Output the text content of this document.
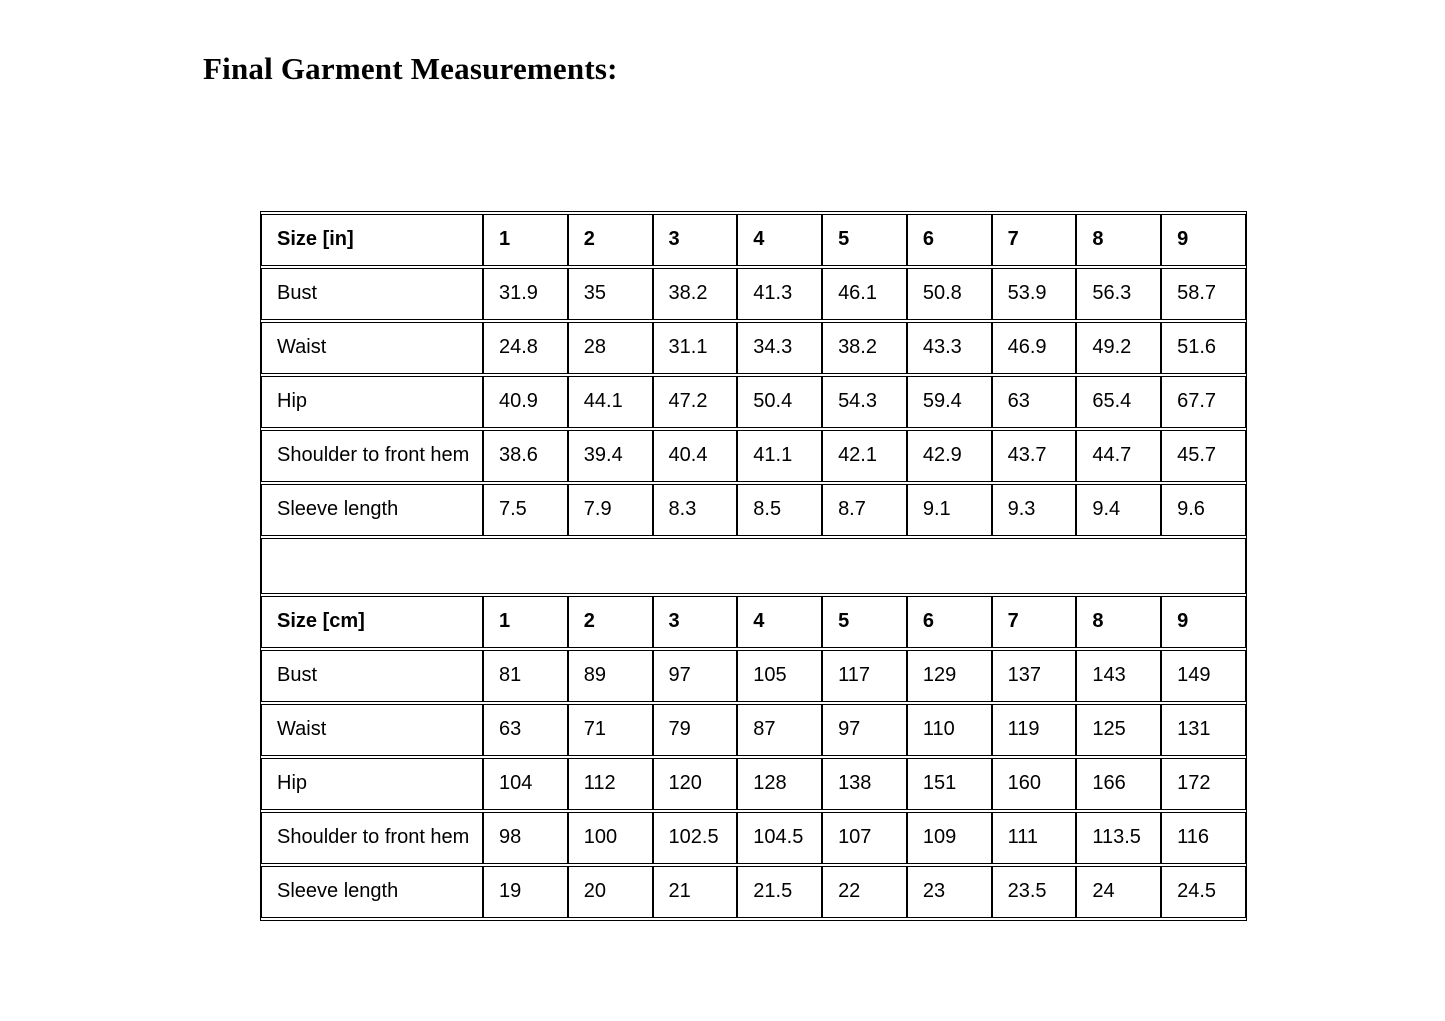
Final Garment Measurements:
Size [in]	1	2	3	4	5	6	7	8	9
Bust	31.9	35	38.2	41.3	46.1	50.8	53.9	56.3	58.7
Waist	24.8	28	31.1	34.3	38.2	43.3	46.9	49.2	51.6
Hip	40.9	44.1	47.2	50.4	54.3	59.4	63	65.4	67.7
Shoulder to front hem	38.6	39.4	40.4	41.1	42.1	42.9	43.7	44.7	45.7
Sleeve length	7.5	7.9	8.3	8.5	8.7	9.1	9.3	9.4	9.6

Size [cm]	1	2	3	4	5	6	7	8	9
Bust	81	89	97	105	117	129	137	143	149
Waist	63	71	79	87	97	110	119	125	131
Hip	104	112	120	128	138	151	160	166	172
Shoulder to front hem	98	100	102.5	104.5	107	109	111	113.5	116
Sleeve length	19	20	21	21.5	22	23	23.5	24	24.5
